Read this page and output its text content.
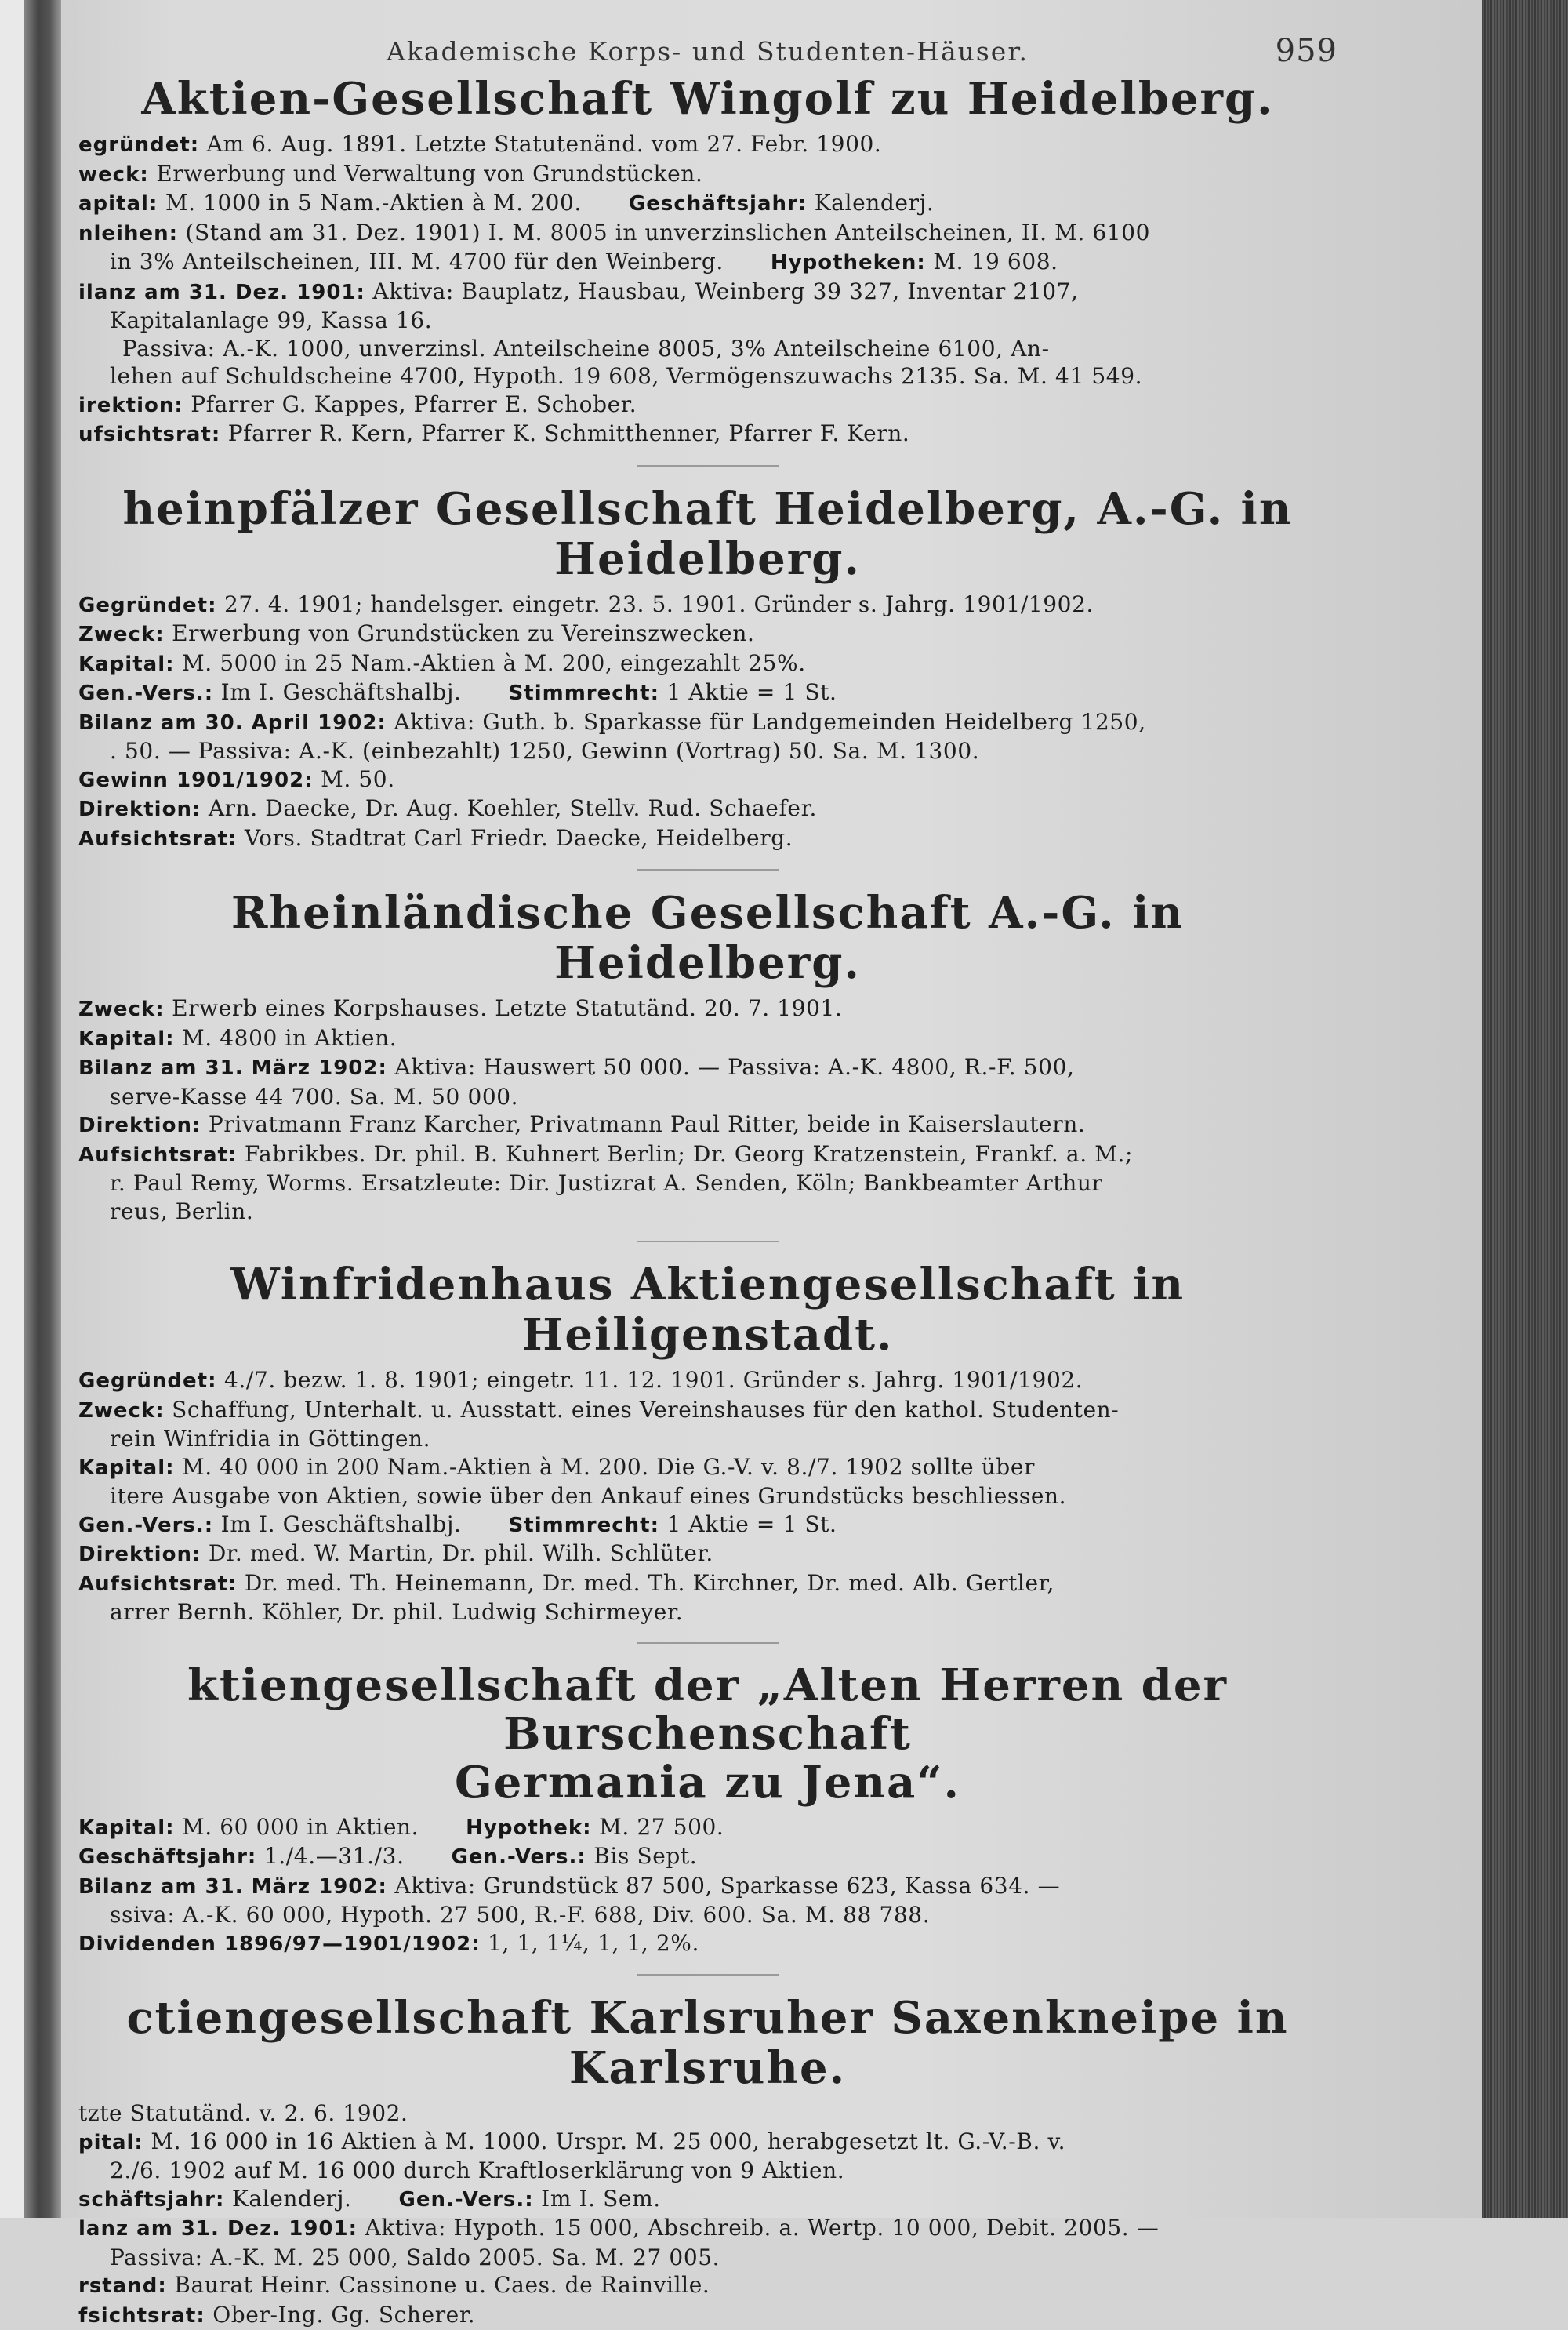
Akademische Korps- und Studenten-Häuser.	959
Aktien-Gesellschaft Wingolf zu Heidelberg.
egründet: Am 6. Aug. 1891. Letzte Statutenänd. vom 27. Febr. 1900.
weck: Erwerbung und Verwaltung von Grundstücken.
apital: M. 1000 in 5 Nam.-Aktien à M. 200. Geschäftsjahr: Kalenderj.
nleihen: (Stand am 31. Dez. 1901) I. M. 8005 in unverzinslichen Anteilscheinen, II. M. 6100
in 3% Anteilscheinen, III. M. 4700 für den Weinberg. Hypotheken: M. 19 608.
ilanz am 31. Dez. 1901: Aktiva: Bauplatz, Hausbau, Weinberg 39 327, Inventar 2107,
Kapitalanlage 99, Kassa 16.
Passiva: A.-K. 1000, unverzinsl. Anteilscheine 8005, 3% Anteilscheine 6100, An-
lehen auf Schuldscheine 4700, Hypoth. 19 608, Vermögenszuwachs 2135. Sa. M. 41 549.
irektion: Pfarrer G. Kappes, Pfarrer E. Schober.
ufsichtsrat: Pfarrer R. Kern, Pfarrer K. Schmitthenner, Pfarrer F. Kern.
heinpfälzer Gesellschaft Heidelberg, A.-G. in Heidelberg.
Gegründet: 27. 4. 1901; handelsger. eingetr. 23. 5. 1901. Gründer s. Jahrg. 1901/1902.
Zweck: Erwerbung von Grundstücken zu Vereinszwecken.
Kapital: M. 5000 in 25 Nam.-Aktien à M. 200, eingezahlt 25%.
Gen.-Vers.: Im I. Geschäftshalbj. Stimmrecht: 1 Aktie = 1 St.
Bilanz am 30. April 1902: Aktiva: Guth. b. Sparkasse für Landgemeinden Heidelberg 1250,
. 50. — Passiva: A.-K. (einbezahlt) 1250, Gewinn (Vortrag) 50. Sa. M. 1300.
Gewinn 1901/1902: M. 50.
Direktion: Arn. Daecke, Dr. Aug. Koehler, Stellv. Rud. Schaefer.
Aufsichtsrat: Vors. Stadtrat Carl Friedr. Daecke, Heidelberg.
Rheinländische Gesellschaft A.-G. in Heidelberg.
Zweck: Erwerb eines Korpshauses. Letzte Statutänd. 20. 7. 1901.
Kapital: M. 4800 in Aktien.
Bilanz am 31. März 1902: Aktiva: Hauswert 50 000. — Passiva: A.-K. 4800, R.-F. 500,
serve-Kasse 44 700. Sa. M. 50 000.
Direktion: Privatmann Franz Karcher, Privatmann Paul Ritter, beide in Kaiserslautern.
Aufsichtsrat: Fabrikbes. Dr. phil. B. Kuhnert Berlin; Dr. Georg Kratzenstein, Frankf. a. M.;
r. Paul Remy, Worms. Ersatzleute: Dir. Justizrat A. Senden, Köln; Bankbeamter Arthur
reus, Berlin.
Winfridenhaus Aktiengesellschaft in Heiligenstadt.
Gegründet: 4./7. bezw. 1. 8. 1901; eingetr. 11. 12. 1901. Gründer s. Jahrg. 1901/1902.
Zweck: Schaffung, Unterhalt. u. Ausstatt. eines Vereinshauses für den kathol. Studenten-
rein Winfridia in Göttingen.
Kapital: M. 40 000 in 200 Nam.-Aktien à M. 200. Die G.-V. v. 8./7. 1902 sollte über
itere Ausgabe von Aktien, sowie über den Ankauf eines Grundstücks beschliessen.
Gen.-Vers.: Im I. Geschäftshalbj. Stimmrecht: 1 Aktie = 1 St.
Direktion: Dr. med. W. Martin, Dr. phil. Wilh. Schlüter.
Aufsichtsrat: Dr. med. Th. Heinemann, Dr. med. Th. Kirchner, Dr. med. Alb. Gertler,
arrer Bernh. Köhler, Dr. phil. Ludwig Schirmeyer.
ktiengesellschaft der „Alten Herren der Burschenschaft
Germania zu Jena“.
Kapital: M. 60 000 in Aktien. Hypothek: M. 27 500.
Geschäftsjahr: 1./4.—31./3. Gen.-Vers.: Bis Sept.
Bilanz am 31. März 1902: Aktiva: Grundstück 87 500, Sparkasse 623, Kassa 634. —
ssiva: A.-K. 60 000, Hypoth. 27 500, R.-F. 688, Div. 600. Sa. M. 88 788.
Dividenden 1896/97—1901/1902: 1, 1, 1¼, 1, 1, 2%.
ctiengesellschaft Karlsruher Saxenkneipe in Karlsruhe.
tzte Statutänd. v. 2. 6. 1902.
pital: M. 16 000 in 16 Aktien à M. 1000. Urspr. M. 25 000, herabgesetzt lt. G.-V.-B. v.
2./6. 1902 auf M. 16 000 durch Kraftloserklärung von 9 Aktien.
schäftsjahr: Kalenderj. Gen.-Vers.: Im I. Sem.
lanz am 31. Dez. 1901: Aktiva: Hypoth. 15 000, Abschreib. a. Wertp. 10 000, Debit. 2005. —
Passiva: A.-K. M. 25 000, Saldo 2005. Sa. M. 27 005.
rstand: Baurat Heinr. Cassinone u. Caes. de Rainville.
fsichtsrat: Ober-Ing. Gg. Scherer.
